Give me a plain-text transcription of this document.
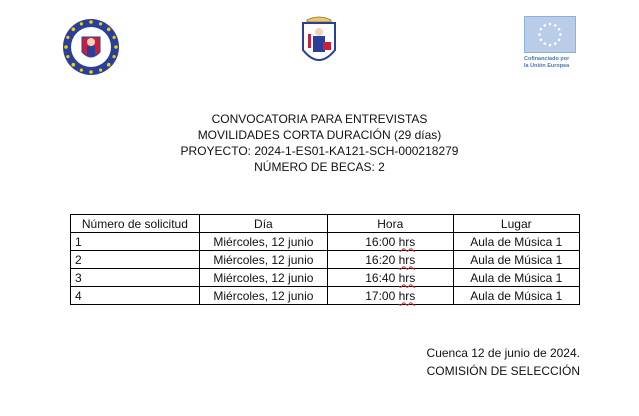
Cofinanciado por
la Unión Europea
CONVOCATORIA PARA ENTREVISTAS
MOVILIDADES CORTA DURACIÓN (29 días)
PROYECTO: 2024-1-ES01-KA121-SCH-000218279
NÚMERO DE BECAS: 2
Número de solicitud	Día	Hora	Lugar
1	Miércoles, 12 junio	16:00 hrs	Aula de Música 1
2	Miércoles, 12 junio	16:20 hrs	Aula de Música 1
3	Miércoles, 12 junio	16:40 hrs	Aula de Música 1
4	Miércoles, 12 junio	17:00 hrs	Aula de Música 1
Cuenca 12 de junio de 2024.
COMISIÓN DE SELECCIÓN
